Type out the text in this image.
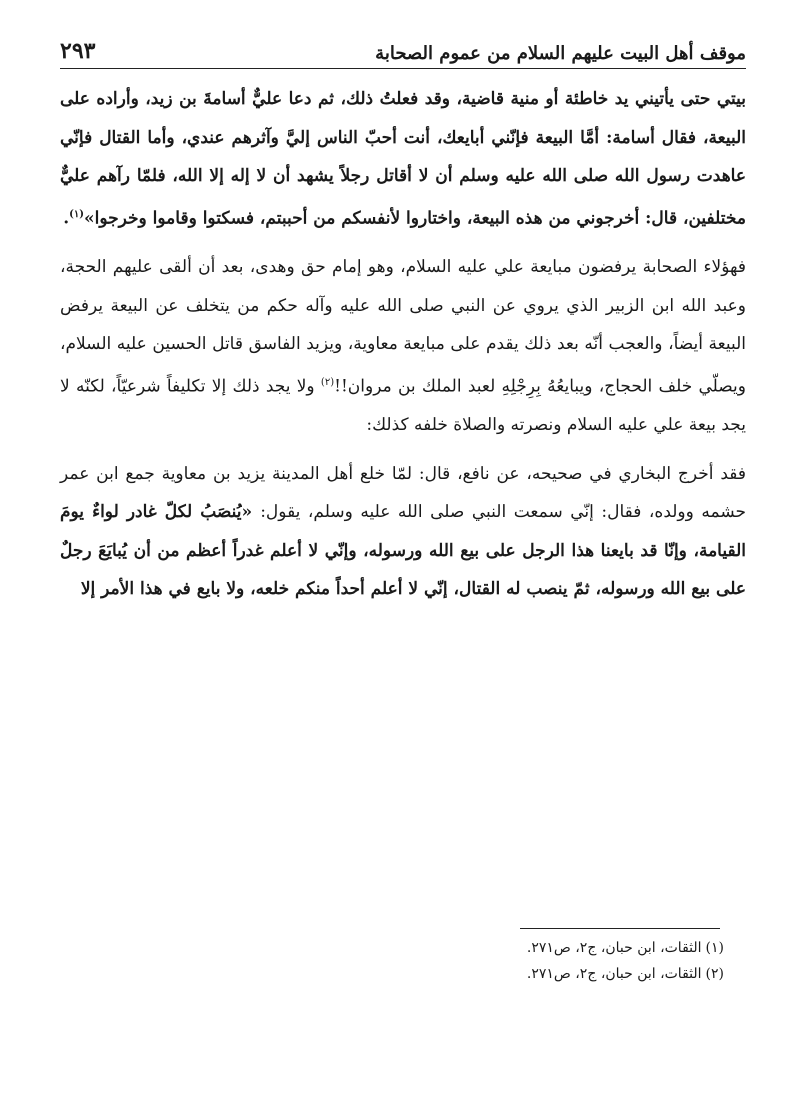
٢٩٣	موقف أهل البيت عليهم السلام من عموم الصحابة

بيتي حتى يأتيني يد خاطئة أو منية قاضية، وقد فعلتُ ذلك، ثم دعا عليٌّ أسامةَ بن زيد، وأراده على البيعة، فقال أسامة: أمَّا البيعة فإنّني أبايعك، أنت أحبّ الناس إليَّ وآثرهم عندي، وأما القتال فإنّي عاهدت رسول الله صلى الله عليه وسلم أن لا أقاتل رجلاً يشهد أن لا إله إلا الله، فلمّا رآهم عليٌّ مختلفين، قال: أخرجوني من هذه البيعة، واختاروا لأنفسكم من أحببتم، فسكتوا وقاموا وخرجوا»$^{(١)}$.

فهؤلاء الصحابة يرفضون مبايعة علي عليه السلام، وهو إمام حق وهدى، بعد أن ألقى عليهم الحجة، وعبد الله ابن الزبير الذي يروي عن النبي صلى الله عليه وآله حكم من يتخلف عن البيعة يرفض البيعة أيضاً، والعجب أنّه بعد ذلك يقدم على مبايعة معاوية، ويزيد الفاسق قاتل الحسين عليه السلام، ويصلّي خلف الحجاج، ويبايعُهُ بِرِجْلِهِ لعبد الملك بن مروان!!$^{(٢)}$ ولا يجد ذلك إلا تكليفاً شرعيّاً، لكنّه لا يجد بيعة علي عليه السلام ونصرته والصلاة خلفه كذلك:

فقد أخرج البخاري في صحيحه، عن نافع، قال: لمّا خلع أهل المدينة يزيد بن معاوية جمع ابن عمر حشمه وولده، فقال: إنّي سمعت النبي صلى الله عليه وسلم، يقول: «يُنصَبُ لكلّ غادر لواءٌ يومَ القيامة، وإنّا قد بايعنا هذا الرجل على بيع الله ورسوله، وإنّي لا أعلم غدراً أعظم من أن يُبايَعَ رجلٌ على بيع الله ورسوله، ثمّ ينصب له القتال، إنّي لا أعلم أحداً منكم خلعه، ولا بايع في هذا الأمر إلا

(١)الثقات، ابن حبان، ج٢، ص٢٧١.

(٢)الثقات، ابن حبان، ج٢، ص٢٧١.
